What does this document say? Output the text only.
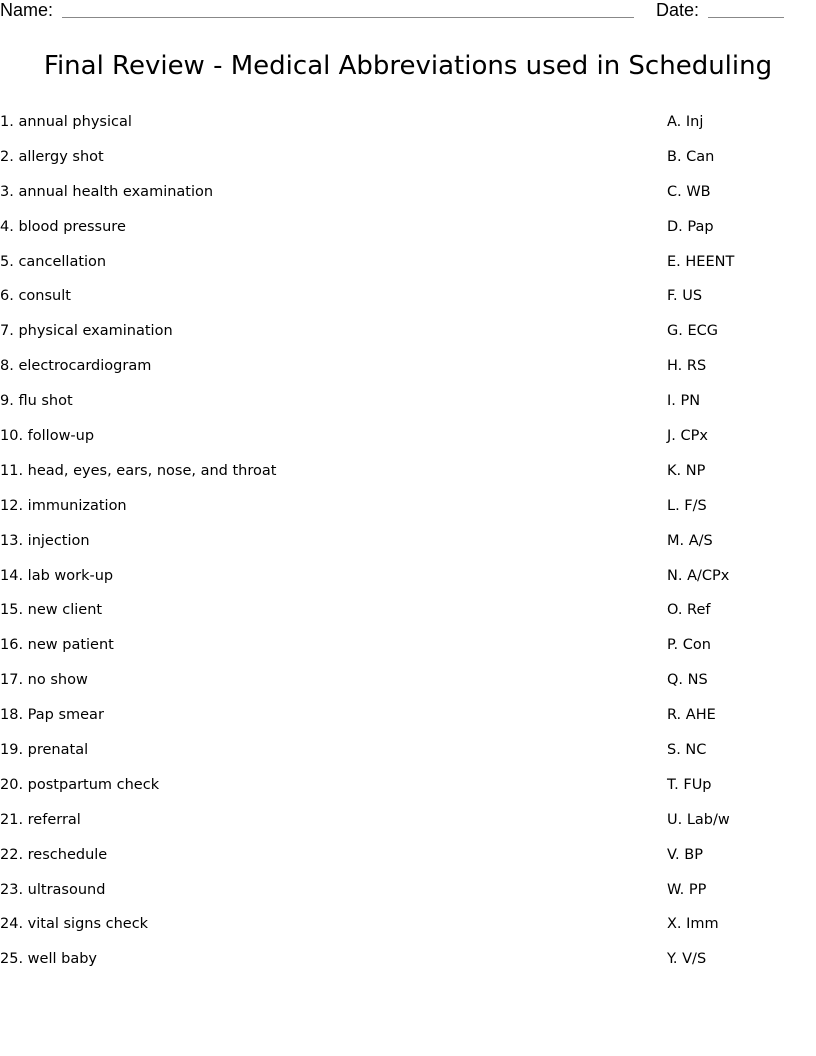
Name:	Date:
Final Review - Medical Abbreviations used in Scheduling
1. annual physical
2. allergy shot
3. annual health examination
4. blood pressure
5. cancellation
6. consult
7. physical examination
8. electrocardiogram
9. flu shot
10. follow-up
11. head, eyes, ears, nose, and throat
12. immunization
13. injection
14. lab work-up
15. new client
16. new patient
17. no show
18. Pap smear
19. prenatal
20. postpartum check
21. referral
22. reschedule
23. ultrasound
24. vital signs check
25. well baby
A. Inj
B. Can
C. WB
D. Pap
E. HEENT
F. US
G. ECG
H. RS
I. PN
J. CPx
K. NP
L. F/S
M. A/S
N. A/CPx
O. Ref
P. Con
Q. NS
R. AHE
S. NC
T. FUp
U. Lab/w
V. BP
W. PP
X. Imm
Y. V/S
